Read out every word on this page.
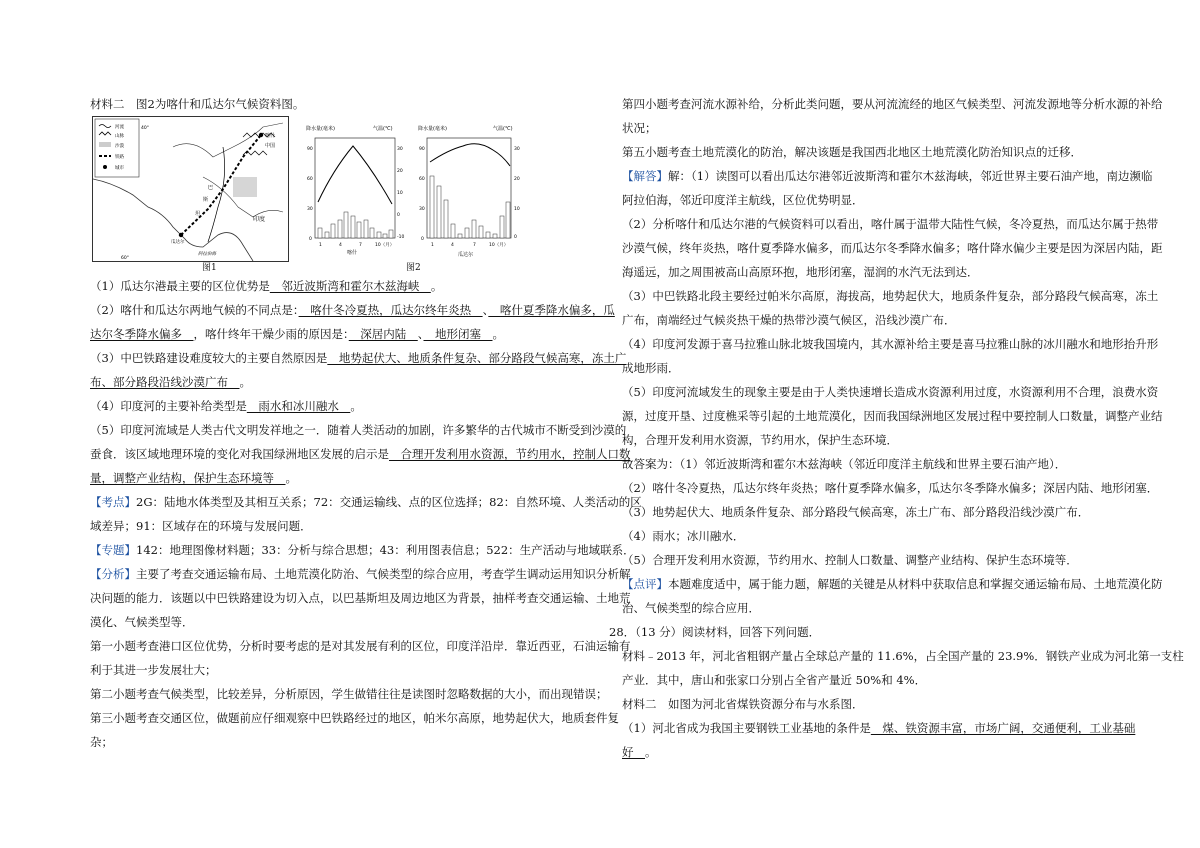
材料二　图2为喀什和瓜达尔气候资料图。
河流
山脉
沙漠
铁路
城市
喀什
中国
巴
斯
坦
印度
瓜达尔
阿拉伯海
40°
60°
图1
降水量(毫米)	气温(℃)
90
60
30
0
30
20
10
0
-10
1	4	7	10（月）
喀什
降水量(毫米)	气温(℃)
90
60
30
0
30
20
10
0
1	4	7	10（月）
瓜达尔
图2
（1）瓜达尔港最主要的区位优势是　邻近波斯湾和霍尔木兹海峡　。
（2）喀什和瓜达尔两地气候的不同点是：　喀什冬冷夏热，瓜达尔终年炎热　、　喀什夏季降水偏多，瓜
达尔冬季降水偏多　，喀什终年干燥少雨的原因是：　深居内陆　、　地形闭塞　。
（3）中巴铁路建设难度较大的主要自然原因是　地势起伏大、地质条件复杂、部分路段气候高寒，冻土广
布、部分路段沿线沙漠广布　。
（4）印度河的主要补给类型是　雨水和冰川融水　。
（5）印度河流域是人类古代文明发祥地之一．随着人类活动的加剧，许多繁华的古代城市不断受到沙漠的
蚕食．该区域地理环境的变化对我国绿洲地区发展的启示是　合理开发利用水资源，节约用水，控制人口数
量，调整产业结构，保护生态环境等　。
【考点】2G：陆地水体类型及其相互关系；72：交通运输线、点的区位选择；82：自然环境、人类活动的区
域差异；91：区域存在的环境与发展问题．
【专题】142：地理图像材料题；33：分析与综合思想；43：利用图表信息；522：生产活动与地域联系．
【分析】主要了考查交通运输布局、土地荒漠化防治、气候类型的综合应用，考查学生调动运用知识分析解
决问题的能力．该题以中巴铁路建设为切入点，以巴基斯坦及周边地区为背景，抽样考查交通运输、土地荒
漠化、气候类型等．
第一小题考查港口区位优势，分析时要考虑的是对其发展有利的区位，印度洋沿岸．靠近西亚，石油运输有
利于其进一步发展壮大；
第二小题考查气候类型，比较差异，分析原因，学生做错往往是读图时忽略数据的大小，而出现错误；
第三小题考查交通区位，做题前应仔细观察中巴铁路经过的地区，帕米尔高原，地势起伏大，地质套件复
杂；
第四小题考查河流水源补给，分析此类问题，要从河流流经的地区气候类型、河流发源地等分析水源的补给
状况；
第五小题考查土地荒漠化的防治，解决该题是我国西北地区土地荒漠化防治知识点的迁移．
【解答】解：（1）读图可以看出瓜达尔港邻近波斯湾和霍尔木兹海峡，邻近世界主要石油产地，南边濒临
阿拉伯海，邻近印度洋主航线，区位优势明显．
（2）分析喀什和瓜达尔港的气候资料可以看出，喀什属于温带大陆性气候，冬冷夏热，而瓜达尔属于热带
沙漠气候，终年炎热，喀什夏季降水偏多，而瓜达尔冬季降水偏多；喀什降水偏少主要是因为深居内陆，距
海遥远，加之周围被高山高原环抱，地形闭塞，湿润的水汽无法到达．
（3）中巴铁路北段主要经过帕米尔高原，海拔高，地势起伏大，地质条件复杂，部分路段气候高寒，冻土
广布，南端经过气候炎热干燥的热带沙漠气候区，沿线沙漠广布．
（4）印度河发源于喜马拉雅山脉北坡我国境内，其水源补给主要是喜马拉雅山脉的冰川融水和地形抬升形
成地形雨．
（5）印度河流域发生的现象主要是由于人类快速增长造成水资源利用过度，水资源利用不合理，浪费水资
源，过度开垦、过度樵采等引起的土地荒漠化，因而我国绿洲地区发展过程中要控制人口数量，调整产业结
构，合理开发利用水资源，节约用水，保护生态环境．
故答案为：（1）邻近波斯湾和霍尔木兹海峡（邻近印度洋主航线和世界主要石油产地）．
（2）喀什冬冷夏热，瓜达尔终年炎热；喀什夏季降水偏多，瓜达尔冬季降水偏多；深居内陆、地形闭塞．
（3）地势起伏大、地质条件复杂、部分路段气候高寒，冻土广布、部分路段沿线沙漠广布．
（4）雨水；冰川融水．
（5）合理开发利用水资源，节约用水、控制人口数量、调整产业结构、保护生态环境等．
【点评】本题难度适中，属于能力题，解题的关键是从材料中获取信息和掌握交通运输布局、土地荒漠化防
治、气候类型的综合应用．
28．（13 分）阅读材料，回答下列问题．
材料﹣2013 年，河北省粗钢产量占全球总产量的 11.6%，占全国产量的 23.9%．钢铁产业成为河北第一支柱
产业．其中，唐山和张家口分别占全省产量近 50%和 4%．
材料二　如图为河北省煤铁资源分布与水系图．
（1）河北省成为我国主要钢铁工业基地的条件是　煤、铁资源丰富，市场广阔，交通便利，工业基础
好　。
